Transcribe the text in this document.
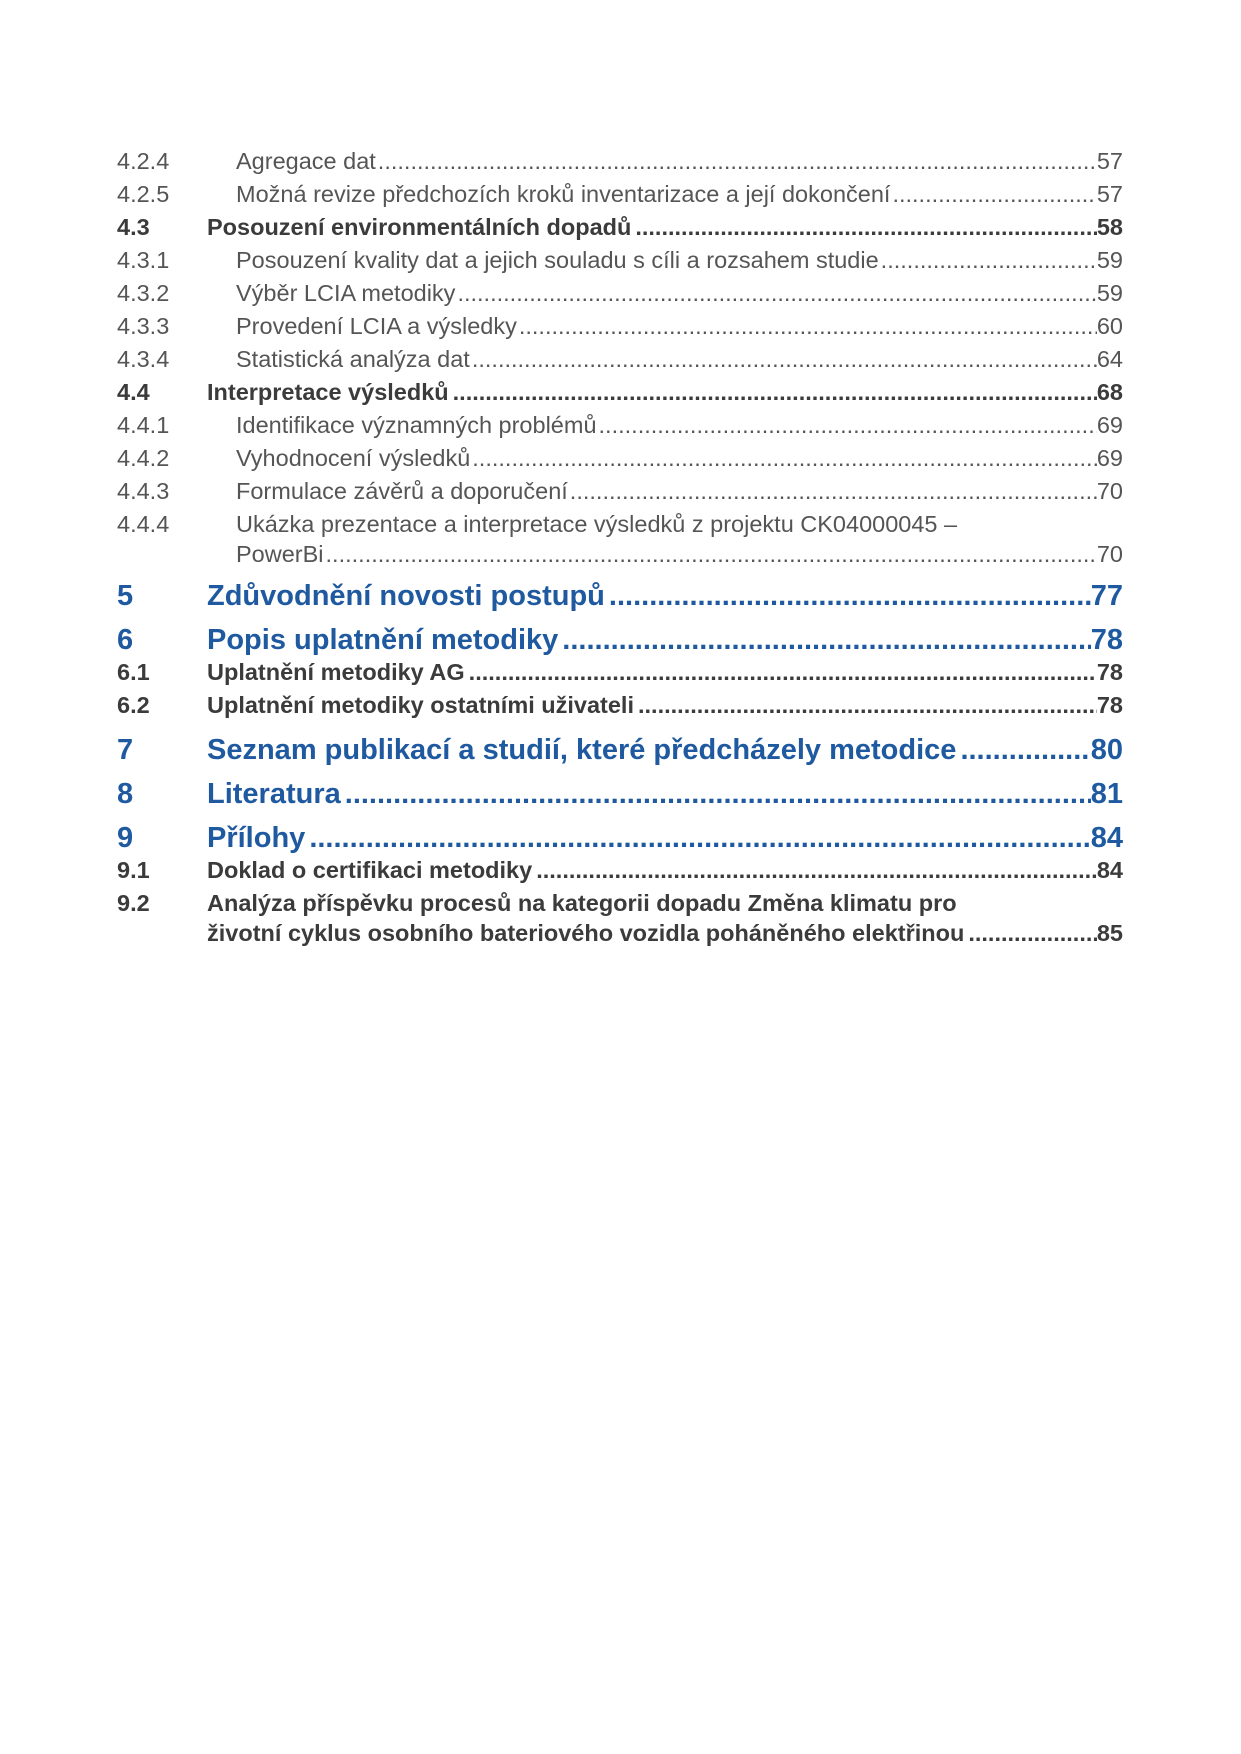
4.2.4	Agregace dat .....	57
4.2.5	Možná revize předchozích kroků inventarizace a její dokončení .....	57
4.3	Posouzení environmentálních dopadů .....	58
4.3.1	Posouzení kvality dat a jejich souladu s cíli a rozsahem studie .....	59
4.3.2	Výběr LCIA metodiky .....	59
4.3.3	Provedení LCIA a výsledky .....	60
4.3.4	Statistická analýza dat .....	64
4.4	Interpretace výsledků .....	68
4.4.1	Identifikace významných problémů .....	69
4.4.2	Vyhodnocení výsledků .....	69
4.4.3	Formulace závěrů a doporučení .....	70
4.4.4	Ukázka prezentace a interpretace výsledků z projektu CK04000045 –
PowerBi .....	70
5	Zdůvodnění novosti postupů .....	77
6	Popis uplatnění metodiky .....	78
6.1	Uplatnění metodiky AG .....	78
6.2	Uplatnění metodiky ostatními uživateli .....	78
7	Seznam publikací a studií, které předcházely metodice .....	80
8	Literatura .....	81
9	Přílohy .....	84
9.1	Doklad o certifikaci metodiky .....	84
9.2	Analýza příspěvku procesů na kategorii dopadu Změna klimatu pro
životní cyklus osobního bateriového vozidla poháněného elektřinou .....	85
